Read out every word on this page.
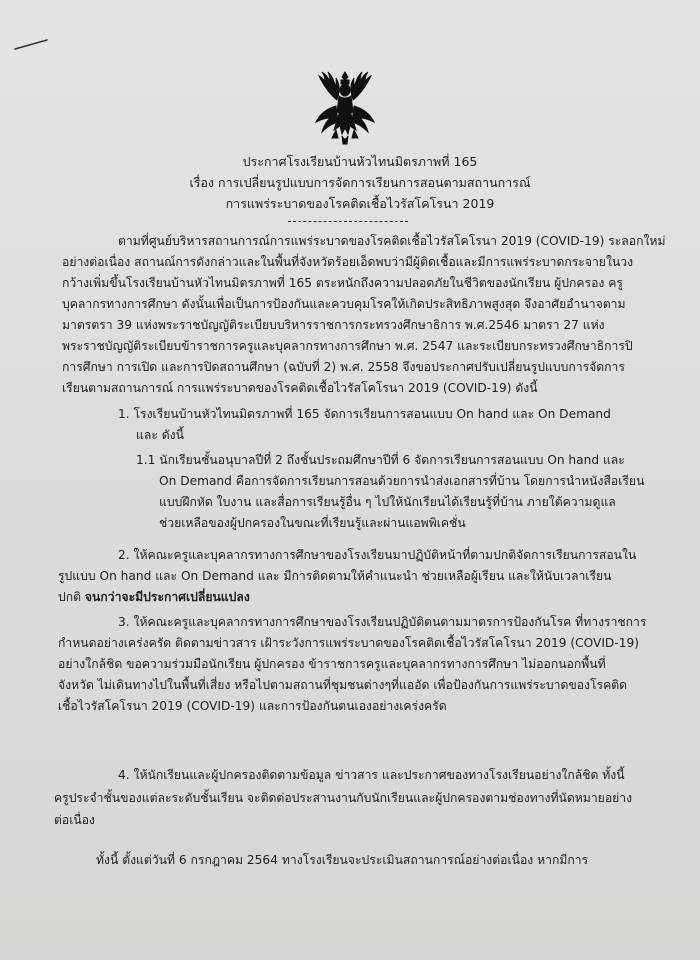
ประกาศโรงเรียนบ้านหัวไทนมิตรภาพที่ 165
เรื่อง การเปลี่ยนรูปแบบการจัดการเรียนการสอนตามสถานการณ์
การแพร่ระบาดของโรคติดเชื้อไวรัสโคโรนา 2019
ตามที่ศูนย์บริหารสถานการณ์การแพร่ระบาดของโรคติดเชื้อไวรัสโคโรนา 2019 (COVID-19) ระลอกใหม่
อย่างต่อเนื่อง สถานณ์การดังกล่าวและในพื้นที่จังหวัดร้อยเอ็ดพบว่ามีผู้ติดเชื้อและมีการแพร่ระบาดกระจายในวง
กว้างเพิ่มขึ้นโรงเรียนบ้านหัวไทนมิตรภาพที่ 165 ตระหนักถึงความปลอดภัยในชีวิตของนักเรียน ผู้ปกครอง ครู
บุคลากรทางการศึกษา ดังนั้นเพื่อเป็นการป้องกันและควบคุมโรคให้เกิดประสิทธิภาพสูงสุด จึงอาศัยอำนาจตาม
มาตรตรา 39 แห่งพระราชบัญญัติระเบียบบริหารราชการกระทรวงศึกษาธิการ พ.ศ.2546 มาตรา 27 แห่ง
พระราชบัญญัติระเบียบข้าราชการครูและบุคลากรทางการศึกษา พ.ศ. 2547 และระเบียบกระทรวงศึกษาธิการปิ
การศึกษา การเปิด และการปิดสถานศึกษา (ฉบับที่ 2) พ.ศ. 2558 จึงขอประกาศปรับเปลี่ยนรูปแบบการจัดการ
เรียนตามสถานการณ์ การแพร่ระบาดของโรคติดเชื้อไวรัสโคโรนา 2019 (COVID-19) ดังนี้
1. โรงเรียนบ้านหัวไทนมิตรภาพที่ 165 จัดการเรียนการสอนแบบ On hand และ On Demand
และ ดังนี้
1.1 นักเรียนชั้นอนุบาลปีที่ 2 ถึงชั้นประถมศึกษาปีที่ 6 จัดการเรียนการสอนแบบ On hand และ
On Demand คือการจัดการเรียนการสอนด้วยการนำส่งเอกสารที่บ้าน โดยการนำหนังสือเรียน
แบบฝึกหัด ใบงาน และสื่อการเรียนรู้อื่น ๆ ไปให้นักเรียนได้เรียนรู้ที่บ้าน ภายใต้ความดูแล
ช่วยเหลือของผู้ปกครองในขณะที่เรียนรู้และผ่านแอพพิเคชั่น
2. ให้คณะครูและบุคลากรทางการศึกษาของโรงเรียนมาปฏิบัติหน้าที่ตามปกติจัดการเรียนการสอนใน
รูปแบบ On hand และ On Demand และ มีการติดตามให้คำแนะนำ ช่วยเหลือผู้เรียน และให้นับเวลาเรียน
ปกติ จนกว่าจะมีประกาศเปลี่ยนแปลง
3. ให้คณะครูและบุคลากรทางการศึกษาของโรงเรียนปฏิบัติตนตามมาตรการป้องกันโรค ที่ทางราชการ
กำหนดอย่างเคร่งครัด ติดตามข่าวสาร เฝ้าระวังการแพร่ระบาดของโรคติดเชื้อไวรัสโคโรนา 2019 (COVID-19)
อย่างใกล้ชิด ขอความร่วมมือนักเรียน ผู้ปกครอง ข้าราชการครูและบุคลากรทางการศึกษา ไม่ออกนอกพื้นที่
จังหวัด ไม่เดินทางไปในพื้นที่เสี่ยง หรือไปตามสถานที่ชุมชนต่างๆที่แออัด เพื่อป้องกันการแพร่ระบาดของโรคติด
เชื้อไวรัสโคโรนา 2019 (COVID-19) และการป้องกันตนเองอย่างเคร่งครัด
4. ให้นักเรียนและผู้ปกครองติดตามข้อมูล ข่าวสาร และประกาศของทางโรงเรียนอย่างใกล้ชิด ทั้งนี้
ครูประจำชั้นของแต่ละระดับชั้นเรียน จะติดต่อประสานงานกับนักเรียนและผู้ปกครองตามช่องทางที่นัดหมายอย่าง
ต่อเนื่อง
ทั้งนี้ ตั้งแต่วันที่ 6 กรกฎาคม 2564 ทางโรงเรียนจะประเมินสถานการณ์อย่างต่อเนื่อง หากมีการ
